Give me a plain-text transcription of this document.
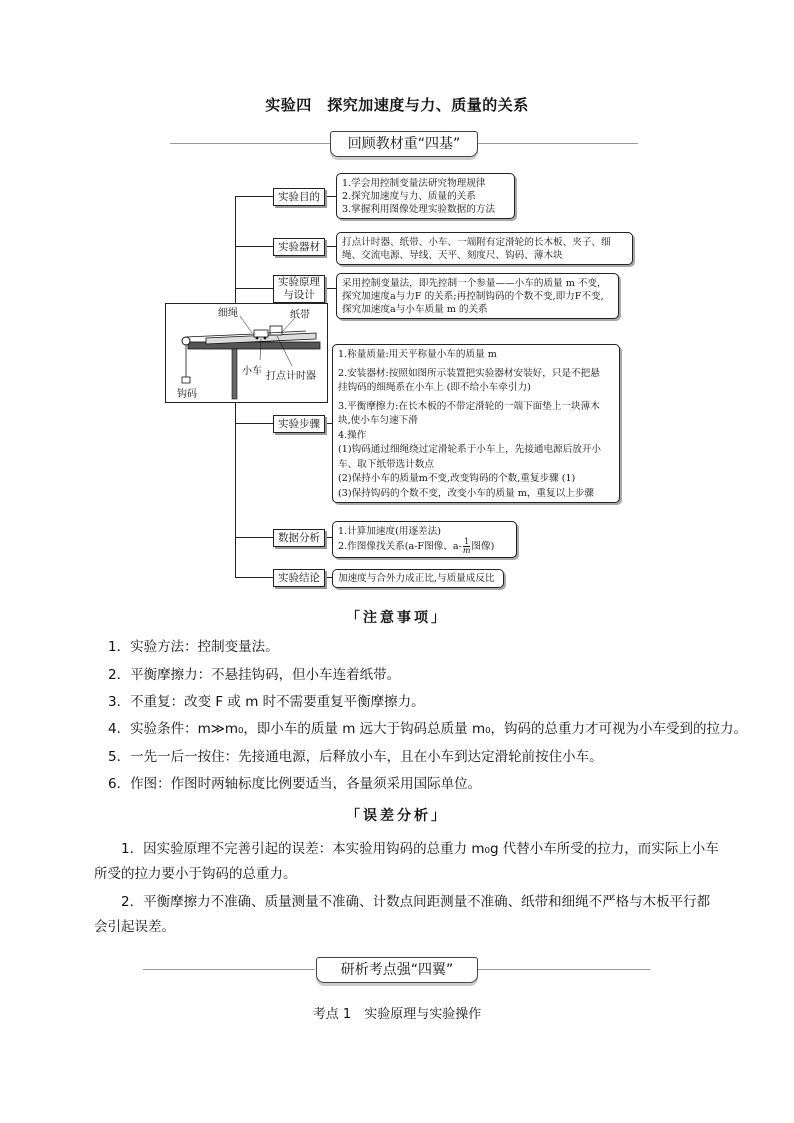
实验四　探究加速度与力、质量的关系
回顾教材重“四基”
实验目的
实验器材
实验原理
与设计
实验步骤
数据分析
实验结论
1.学会用控制变量法研究物理规律
2.探究加速度与力、质量的关系
3.掌握利用图像处理实验数据的方法
打点计时器、纸带、小车、一端附有定滑轮的长木板、夹子、细
绳、交流电源、导线、天平、刻度尺、钩码、薄木块
采用控制变量法，即先控制一个参量——小车的质量 m 不变，
探究加速度a与力F 的关系;再控制钩码的个数不变,即力F不变,
探究加速度a与小车质量 m 的关系
细绳	纸带
小车 打点计时器
钩码
1.称量质量:用天平称量小车的质量 m
2.安装器材:按照如图所示装置把实验器材安装好，只是不把悬
挂钩码的细绳系在小车上 (即不给小车牵引力)
3.平衡摩擦力:在长木板的不带定滑轮的一端下面垫上一块薄木
块,使小车匀速下滑
4.操作
(1)钩码通过细绳绕过定滑轮系于小车上，先接通电源后放开小
车、取下纸带选计数点
(2)保持小车的质量m不变,改变钩码的个数,重复步骤 (1)
(3)保持钩码的个数不变，改变小车的质量 m，重复以上步骤
1.计算加速度(用逐差法)
2.作图像找关系(a-F图像、$a- \frac{1}{m}$ 图像)
加速度与合外力成正比,与质量成反比
「注意事项」
1．实验方法：控制变量法。
2．平衡摩擦力：不悬挂钩码，但小车连着纸带。
3．不重复：改变 F 或 m 时不需要重复平衡摩擦力。
4．实验条件：m≫m₀，即小车的质量 m 远大于钩码总质量 m₀，钩码的总重力才可视为小车受到的拉力。
5．一先一后一按住：先接通电源，后释放小车，且在小车到达定滑轮前按住小车。
6．作图：作图时两轴标度比例要适当，各量须采用国际单位。
「误差分析」
1．因实验原理不完善引起的误差：本实验用钩码的总重力 m₀g 代替小车所受的拉力，而实际上小车
所受的拉力要小于钩码的总重力。
2．平衡摩擦力不准确、质量测量不准确、计数点间距测量不准确、纸带和细绳不严格与木板平行都
会引起误差。
研析考点强“四翼”
考点 1　实验原理与实验操作
